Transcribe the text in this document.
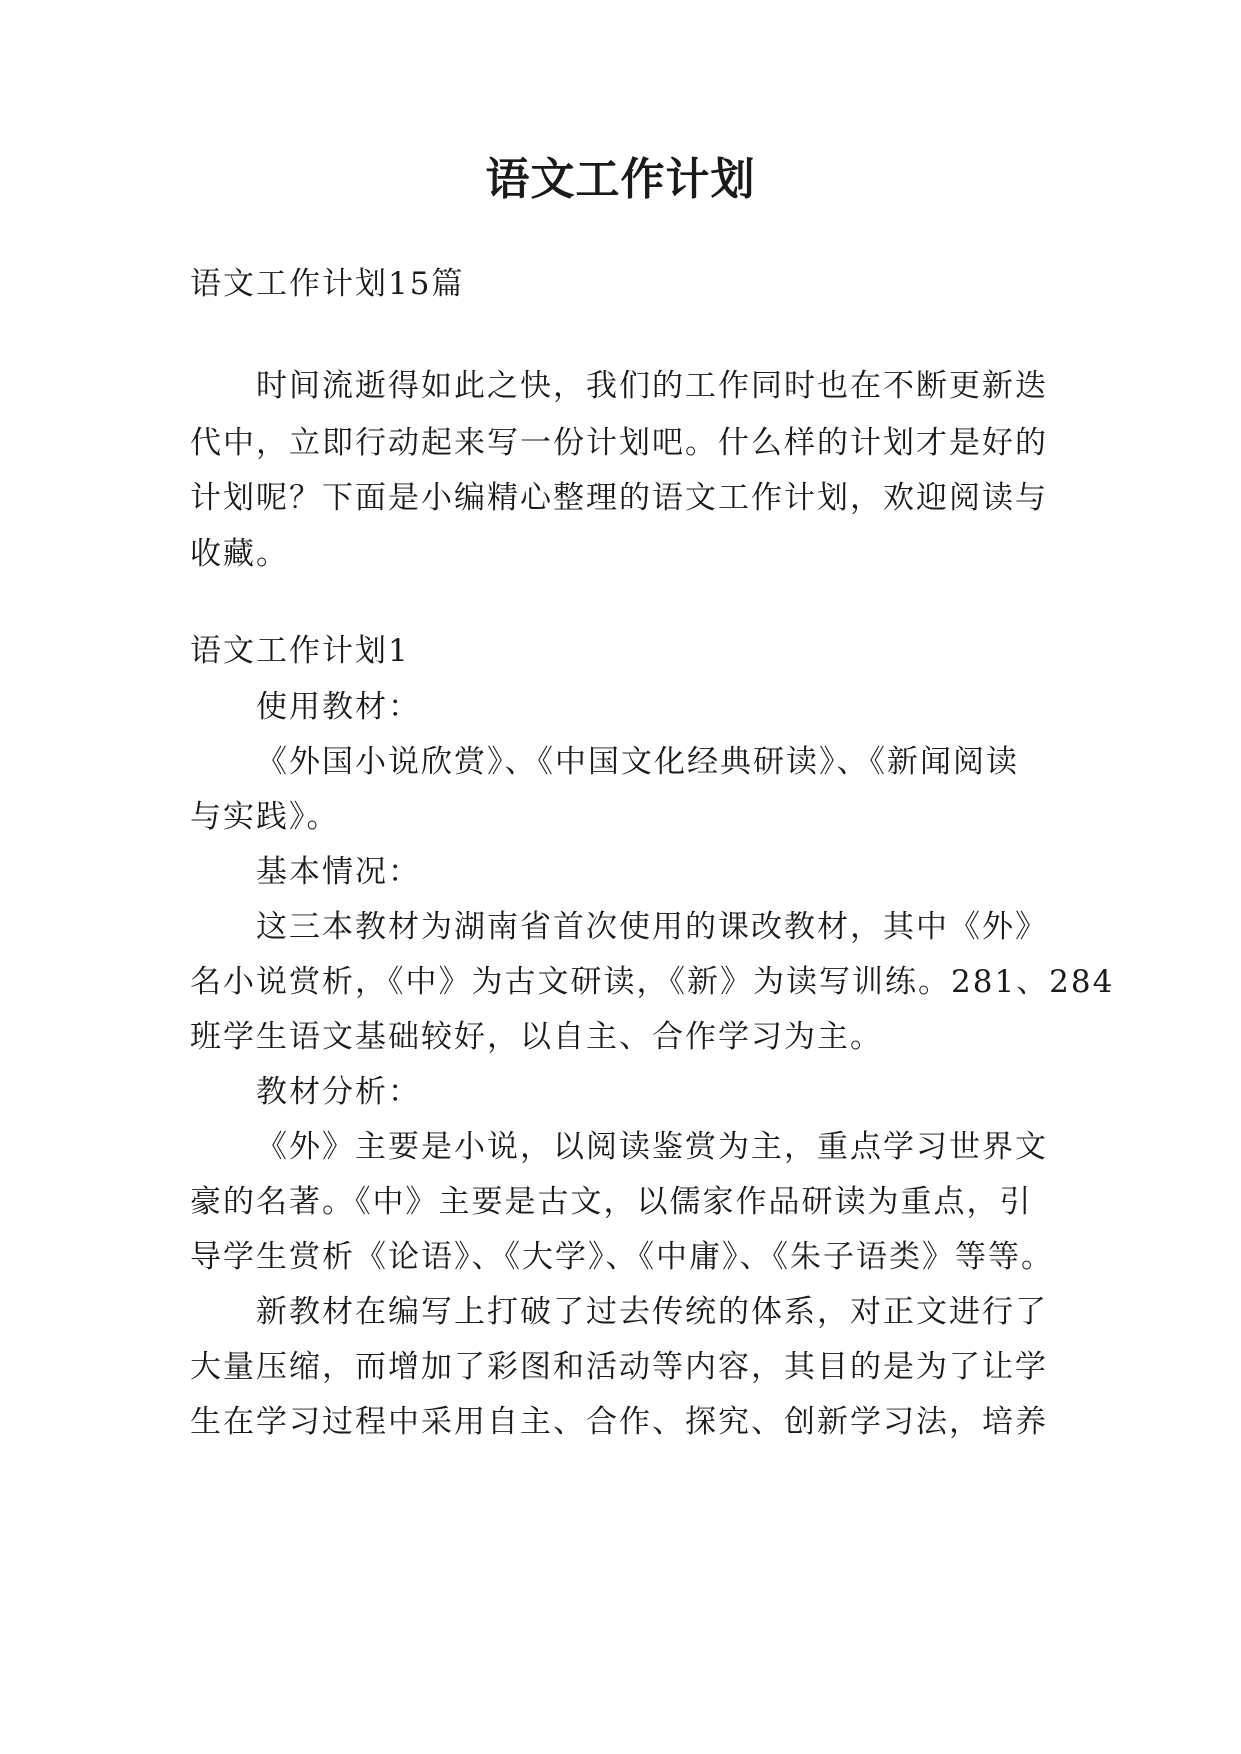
语文工作计划
语文工作计划15篇
时间流逝得如此之快，我们的工作同时也在不断更新迭
代中，立即行动起来写一份计划吧。什么样的计划才是好的
计划呢？下面是小编精心整理的语文工作计划，欢迎阅读与
收藏。
语文工作计划1
使用教材：
《外国小说欣赏》、《中国文化经典研读》、《新闻阅读
与实践》。
基本情况：
这三本教材为湖南省首次使用的课改教材，其中《外》
名小说赏析，《中》为古文研读，《新》为读写训练。281、284
班学生语文基础较好，以自主、合作学习为主。
教材分析：
《外》主要是小说，以阅读鉴赏为主，重点学习世界文
豪的名著。《中》主要是古文，以儒家作品研读为重点，引
导学生赏析《论语》、《大学》、《中庸》、《朱子语类》等等。
新教材在编写上打破了过去传统的体系，对正文进行了
大量压缩，而增加了彩图和活动等内容，其目的是为了让学
生在学习过程中采用自主、合作、探究、创新学习法，培养
